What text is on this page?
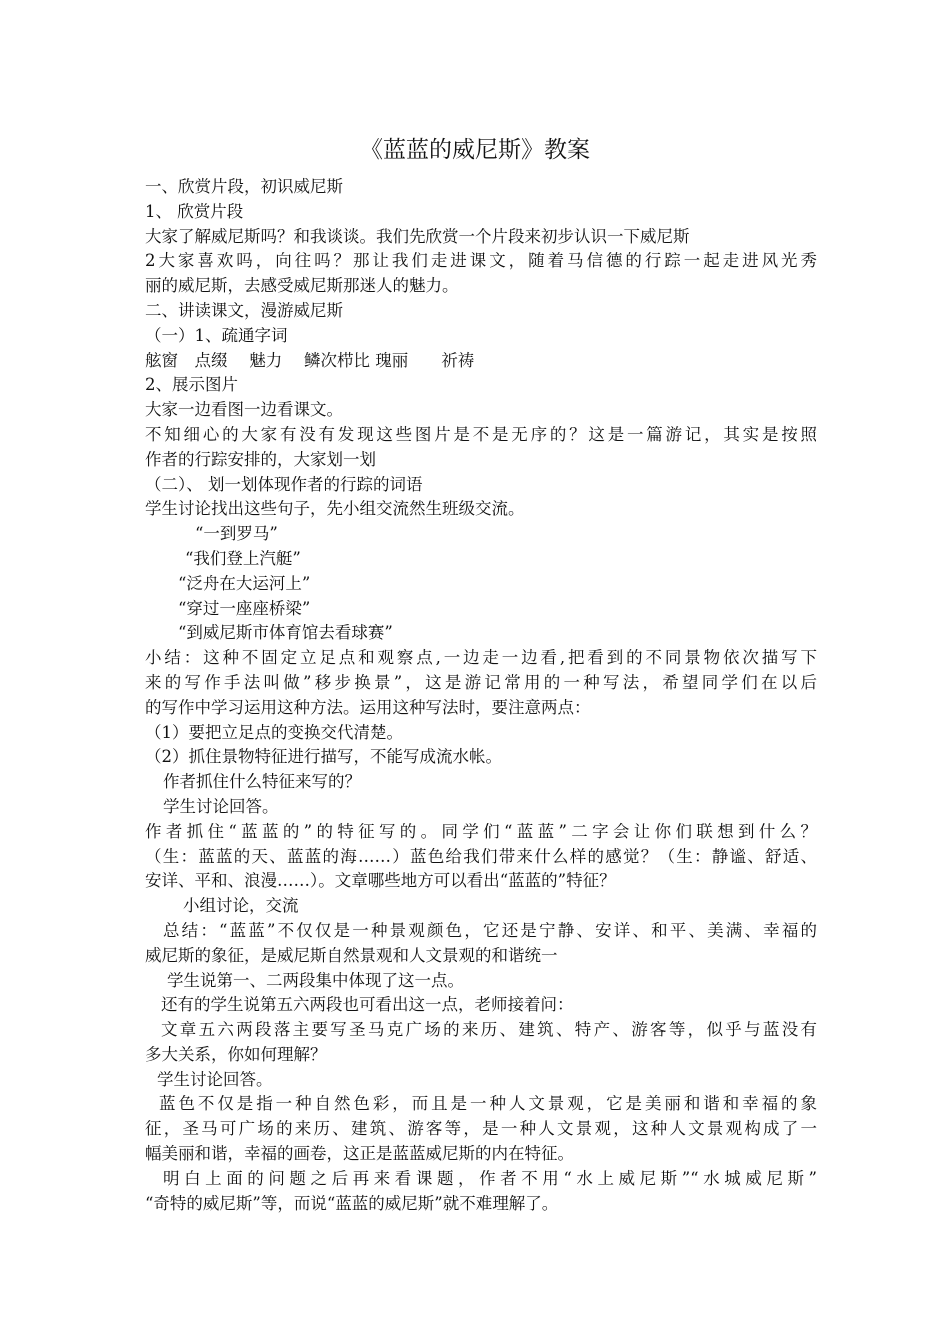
《蓝蓝的威尼斯》教案
一、欣赏片段，初识威尼斯
1、 欣赏片段
大家了解威尼斯吗？和我谈谈。我们先欣赏一个片段来初步认识一下威尼斯
2大家喜欢吗，向往吗？那让我们走进课文，随着马信德的行踪一起走进风光秀
丽的威尼斯，去感受威尼斯那迷人的魅力。
二、讲读课文，漫游威尼斯
（一）1、疏通字词
舷窗　点缀　 魅力　 鳞次栉比 瑰丽　　祈祷
2、展示图片
大家一边看图一边看课文。
不知细心的大家有没有发现这些图片是不是无序的？这是一篇游记，其实是按照
作者的行踪安排的，大家划一划
（二）、 划一划体现作者的行踪的词语
学生讨论找出这些句子，先小组交流然生班级交流。
“一到罗马”
“我们登上汽艇”
“泛舟在大运河上”
“穿过一座座桥梁”
“到威尼斯市体育馆去看球赛”
小结：这种不固定立足点和观察点,一边走一边看,把看到的不同景物依次描写下
来的写作手法叫做”移步换景”，这是游记常用的一种写法，希望同学们在以后
的写作中学习运用这种方法。运用这种写法时，要注意两点：
（1）要把立足点的变换交代清楚。
（2）抓住景物特征进行描写，不能写成流水帐。
作者抓住什么特征来写的？
学生讨论回答。
作者抓住“蓝蓝的”的特征写的。同学们“蓝蓝”二字会让你们联想到什么？
（生：蓝蓝的天、蓝蓝的海……）蓝色给我们带来什么样的感觉？（生：静谧、舒适、
安详、平和、浪漫……）。文章哪些地方可以看出“蓝蓝的”特征？
小组讨论，交流
总结：“蓝蓝”不仅仅是一种景观颜色，它还是宁静、安详、和平、美满、幸福的
威尼斯的象征，是威尼斯自然景观和人文景观的和谐统一
学生说第一、二两段集中体现了这一点。
还有的学生说第五六两段也可看出这一点，老师接着问：
文章五六两段落主要写圣马克广场的来历、建筑、特产、游客等，似乎与蓝没有
多大关系，你如何理解？
学生讨论回答。
蓝色不仅是指一种自然色彩，而且是一种人文景观，它是美丽和谐和幸福的象
征，圣马可广场的来历、建筑、游客等，是一种人文景观，这种人文景观构成了一
幅美丽和谐，幸福的画卷，这正是蓝蓝威尼斯的内在特征。
明白上面的问题之后再来看课题，作者不用“水上威尼斯”“水城威尼斯”
“奇特的威尼斯”等，而说“蓝蓝的威尼斯”就不难理解了。
